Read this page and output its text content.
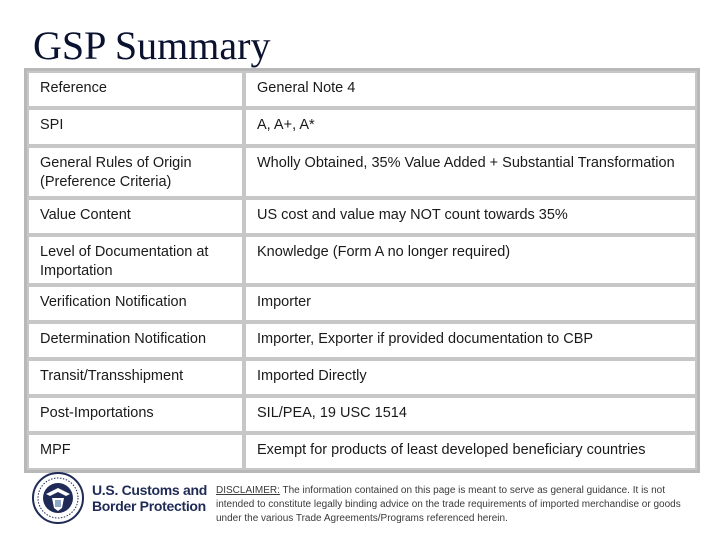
GSP Summary
Reference	General Note 4
SPI	A, A+, A*
General Rules of Origin (Preference Criteria)	Wholly Obtained, 35% Value Added + Substantial Transformation
Value Content	US cost and value may NOT count towards 35%
Level of Documentation at Importation	Knowledge (Form A no longer required)
Verification Notification	Importer
Determination Notification	Importer, Exporter if provided documentation to CBP
Transit/Transshipment	Imported Directly
Post-Importations	SIL/PEA, 19 USC 1514
MPF	Exempt for products of least developed beneficiary countries
U.S. Customs and
Border Protection
DISCLAIMER: The information contained on this page is meant to serve as general guidance. It is not intended to constitute legally binding advice on the trade requirements of imported merchandise or goods under the various Trade Agreements/Programs referenced herein.
